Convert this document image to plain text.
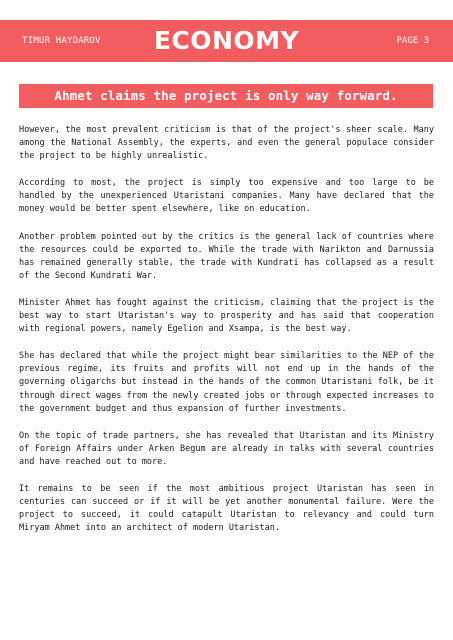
TIMUR HAYDAROV	ECONOMY	PAGE 3
Ahmet claims the project is only way forward.

However, the most prevalent criticism is that of the project's sheer scale. Many among the National Assembly, the experts, and even the general populace consider the project to be highly unrealistic.

According to most, the project is simply too expensive and too large to be handled by the unexperienced Utaristani companies. Many have declared that the money would be better spent elsewhere, like on education.

Another problem pointed out by the critics is the general lack of countries where the resources could be exported to. While the trade with Narikton and Darnussia has remained generally stable, the trade with Kundrati has collapsed as a result of the Second Kundrati War.

Minister Ahmet has fought against the criticism, claiming that the project is the best way to start Utaristan's way to prosperity and has said that cooperation with regional powers, namely Egelion and Xsampa, is the best way.

She has declared that while the project might bear similarities to the NEP of the previous regime, its fruits and profits will not end up in the hands of the governing oligarchs but instead in the hands of the common Utaristani folk, be it through direct wages from the newly created jobs or through expected increases to the government budget and thus expansion of further investments.

On the topic of trade partners, she has revealed that Utaristan and its Ministry of Foreign Affairs under Arken Begum are already in talks with several countries and have reached out to more.

It remains to be seen if the most ambitious project Utaristan has seen in centuries can succeed or if it will be yet another monumental failure. Were the project to succeed, it could catapult Utaristan to relevancy and could turn Miryam Ahmet into an architect of modern Utaristan.
